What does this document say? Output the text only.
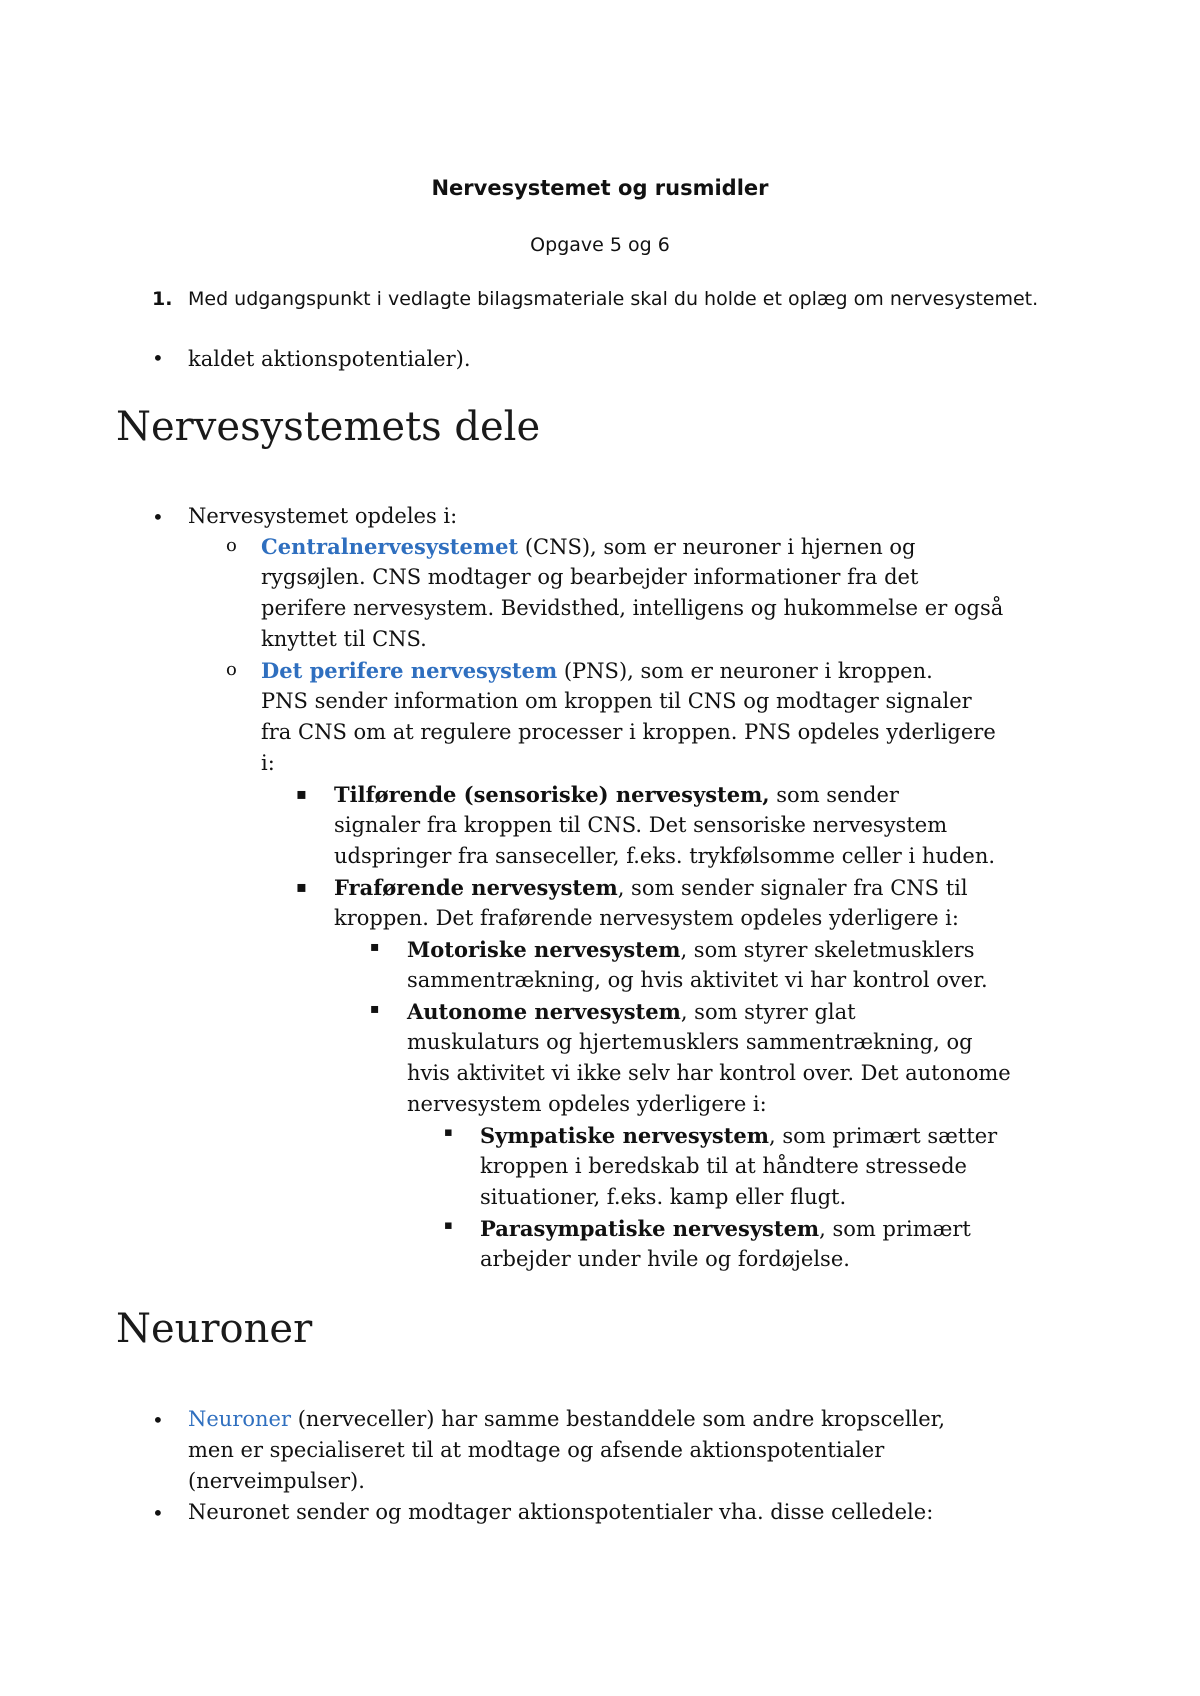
Nervesystemet og rusmidler
Opgave 5 og 6
1. Med udgangspunkt i vedlagte bilagsmateriale skal du holde et oplæg om nervesystemet.
• kaldet aktionspotentialer).
Nervesystemets dele
• Nervesystemet opdeles i:
o Centralnervesystemet (CNS), som er neuroner i hjernen og
rygsøjlen. CNS modtager og bearbejder informationer fra det
perifere nervesystem. Bevidsthed, intelligens og hukommelse er også
knyttet til CNS.
o Det perifere nervesystem (PNS), som er neuroner i kroppen.
PNS sender information om kroppen til CNS og modtager signaler
fra CNS om at regulere processer i kroppen. PNS opdeles yderligere
i:
▪ Tilførende (sensoriske) nervesystem, som sender
signaler fra kroppen til CNS. Det sensoriske nervesystem
udspringer fra sanseceller, f.eks. trykfølsomme celler i huden.
▪ Fraførende nervesystem, som sender signaler fra CNS til
kroppen. Det fraførende nervesystem opdeles yderligere i:
▪ Motoriske nervesystem, som styrer skeletmusklers
sammentrækning, og hvis aktivitet vi har kontrol over.
▪ Autonome nervesystem, som styrer glat
muskulaturs og hjertemusklers sammentrækning, og
hvis aktivitet vi ikke selv har kontrol over. Det autonome
nervesystem opdeles yderligere i:
▪ Sympatiske nervesystem, som primært sætter
kroppen i beredskab til at håndtere stressede
situationer, f.eks. kamp eller flugt.
▪ Parasympatiske nervesystem, som primært
arbejder under hvile og fordøjelse.
Neuroner
• Neuroner (nerveceller) har samme bestanddele som andre kropsceller,
men er specialiseret til at modtage og afsende aktionspotentialer
(nerveimpulser).
• Neuronet sender og modtager aktionspotentialer vha. disse celledele:
